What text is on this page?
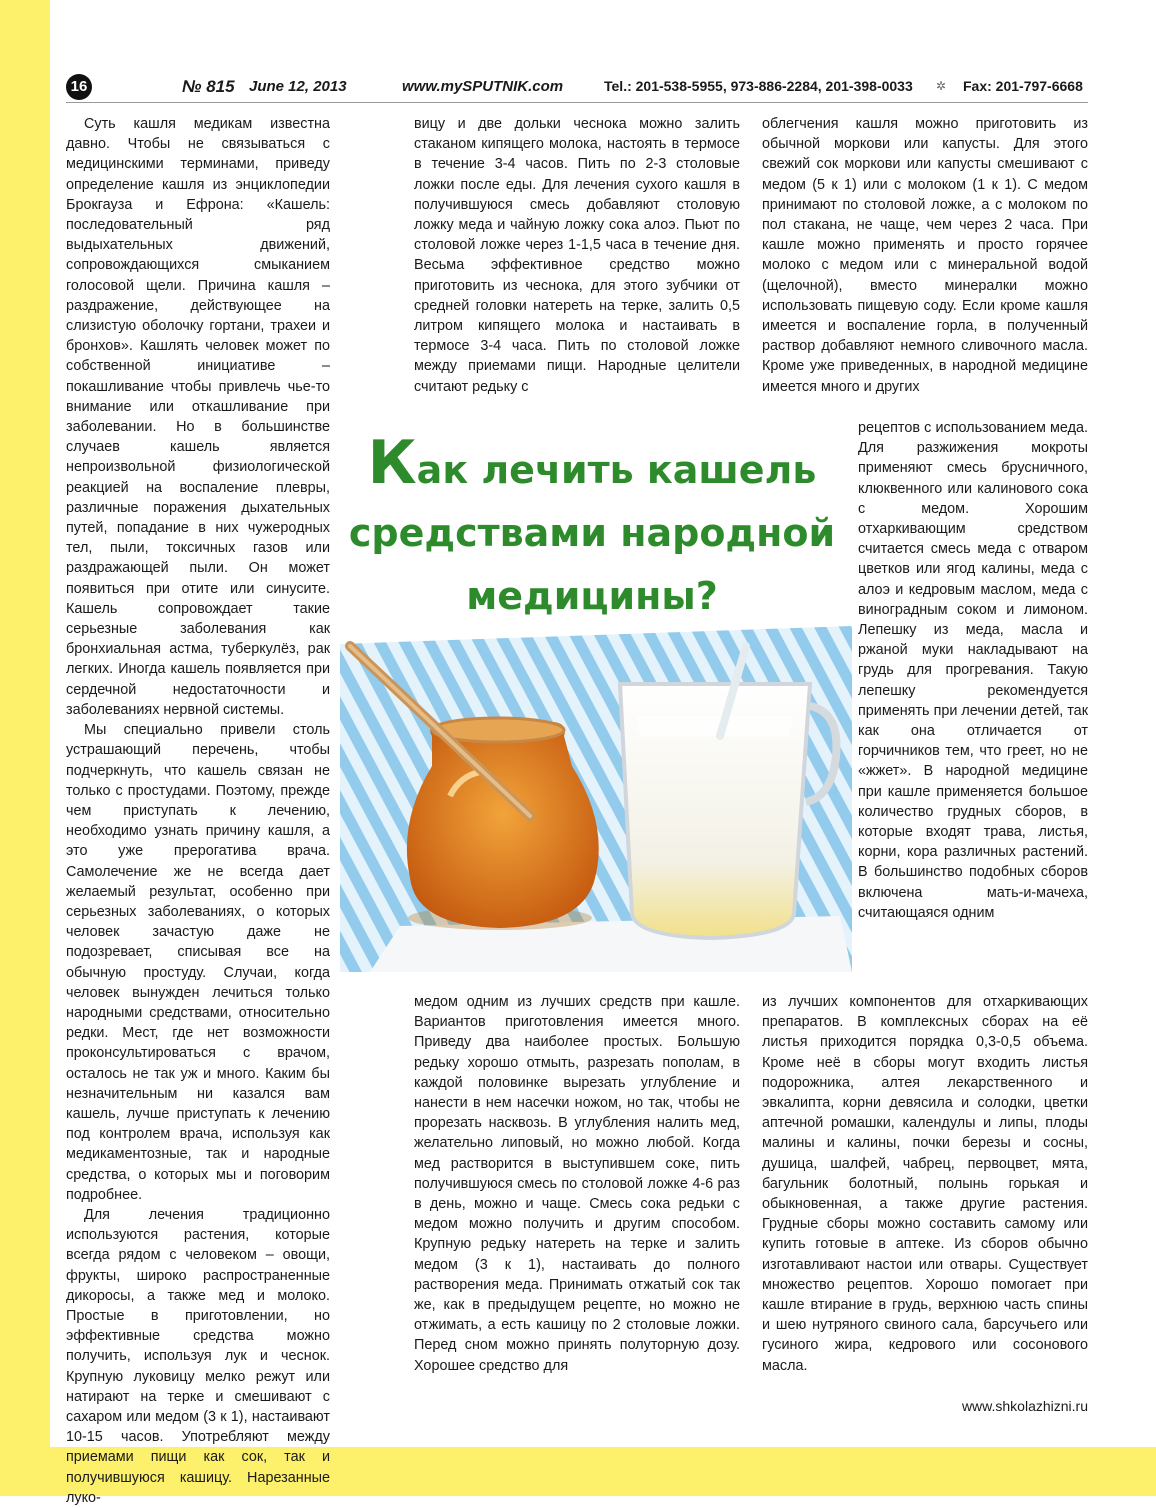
16	№ 815 June 12, 2013	www.mySPUTNIK.com	Tel.: 201-538-5955, 973-886-2284, 201-398-0033 ✲ Fax: 201-797-6668

Суть кашля медикам известна давно. Чтобы не связываться с медицинскими терминами, приведу определение кашля из энциклопедии Брокгауза и Ефрона: «Кашель: последовательный ряд выдыхательных движений, сопровождающихся смыканием голосовой щели. Причина кашля – раздражение, действующее на слизистую оболочку гортани, трахеи и бронхов». Кашлять человек может по собственной инициативе – покашливание чтобы привлечь чье-то внимание или откашливание при заболевании. Но в большинстве случаев кашель является непроизвольной физиологической реакцией на воспаление плевры, различные поражения дыхательных путей, попадание в них чужеродных тел, пыли, токсичных газов или раздражающей пыли. Он может появиться при отите или синусите. Кашель сопровождает такие серьезные заболевания как бронхиальная астма, туберкулёз, рак легких. Иногда кашель появляется при сердечной недостаточности и заболеваниях нервной системы.

Мы специально привели столь устрашающий перечень, чтобы подчеркнуть, что кашель связан не только с простудами. Поэтому, прежде чем приступать к лечению, необходимо узнать причину кашля, а это уже прерогатива врача. Самолечение же не всегда дает желаемый результат, особенно при серьезных заболеваниях, о которых человек зачастую даже не подозревает, списывая все на обычную простуду. Случаи, когда человек вынужден лечиться только народными средствами, относительно редки. Мест, где нет возможности проконсультироваться с врачом, осталось не так уж и много. Каким бы незначительным ни казался вам кашель, лучше приступать к лечению под контролем врача, используя как медикаментозные, так и народные средства, о которых мы и поговорим подробнее.

Для лечения традиционно используются растения, которые всегда рядом с человеком – овощи, фрукты, широко распространенные дикоросы, а также мед и молоко. Простые в приготовлении, но эффективные средства можно получить, используя лук и чеснок. Крупную луковицу мелко режут или натирают на терке и смешивают с сахаром или медом (3 к 1), настаивают 10-15 часов. Употребляют между приемами пищи как сок, так и получившуюся кашицу. Нарезанные луко-

вицу и две дольки чеснока можно залить стаканом кипящего молока, настоять в термосе в течение 3-4 часов. Пить по 2-3 столовые ложки после еды. Для лечения сухого кашля в получившуюся смесь добавляют столовую ложку меда и чайную ложку сока алоэ. Пьют по столовой ложке через 1-1,5 часа в течение дня. Весьма эффективное средство можно приготовить из чеснока, для этого зубчики от средней головки натереть на терке, залить 0,5 литром кипящего молока и настаивать в термосе 3-4 часа. Пить по столовой ложке между приемами пищи. Народные целители считают редьку с

Как лечить кашель средствами народной медицины?

медом одним из лучших средств при кашле. Вариантов приготовления имеется много. Приведу два наиболее простых. Большую редьку хорошо отмыть, разрезать пополам, в каждой половинке вырезать углубление и нанести в нем насечки ножом, но так, чтобы не прорезать насквозь. В углубления налить мед, желательно липовый, но можно любой. Когда мед растворится в выступившем соке, пить получившуюся смесь по столовой ложке 4-6 раз в день, можно и чаще. Смесь сока редьки с медом можно получить и другим способом. Крупную редьку натереть на терке и залить медом (3 к 1), настаивать до полного растворения меда. Принимать отжатый сок так же, как в предыдущем рецепте, но можно не отжимать, а есть кашицу по 2 столовые ложки. Перед сном можно принять полуторную дозу. Хорошее средство для

облегчения кашля можно приготовить из обычной моркови или капусты. Для этого свежий сок моркови или капусты смешивают с медом (5 к 1) или с молоком (1 к 1). С медом принимают по столовой ложке, а с молоком по пол стакана, не чаще, чем через 2 часа. При кашле можно применять и просто горячее молоко с медом или с минеральной водой (щелочной), вместо минералки можно использовать пищевую соду. Если кроме кашля имеется и воспаление горла, в полученный раствор добавляют немного сливочного масла. Кроме уже приведенных, в народной медицине имеется много и других

рецептов с использованием меда. Для разжижения мокроты применяют смесь брусничного, клюквенного или калинового сока с медом. Хорошим отхаркивающим средством считается смесь меда с отваром цветков или ягод калины, меда с алоэ и кедровым маслом, меда с виноградным соком и лимоном. Лепешку из меда, масла и ржаной муки накладывают на грудь для прогревания. Такую лепешку рекомендуется применять при лечении детей, так как она отличается от горчичников тем, что греет, но не «жжет». В народной медицине при кашле применяется большое количество грудных сборов, в которые входят трава, листья, корни, кора различных растений. В большинство подобных сборов включена мать-и-мачеха, считающаяся одним

из лучших компонентов для отхаркивающих препаратов. В комплексных сборах на её листья приходится порядка 0,3-0,5 объема. Кроме неё в сборы могут входить листья подорожника, алтея лекарственного и эвкалипта, корни девясила и солодки, цветки аптечной ромашки, календулы и липы, плоды малины и калины, почки березы и сосны, душица, шалфей, чабрец, первоцвет, мята, багульник болотный, полынь горькая и обыкновенная, а также другие растения. Грудные сборы можно составить самому или купить готовые в аптеке. Из сборов обычно изготавливают настои или отвары. Существует множество рецептов. Хорошо помогает при кашле втирание в грудь, верхнюю часть спины и шею нутряного свиного сала, барсучьего или гусиного жира, кедрового или сосонового масла.

www.shkolazhizni.ru
